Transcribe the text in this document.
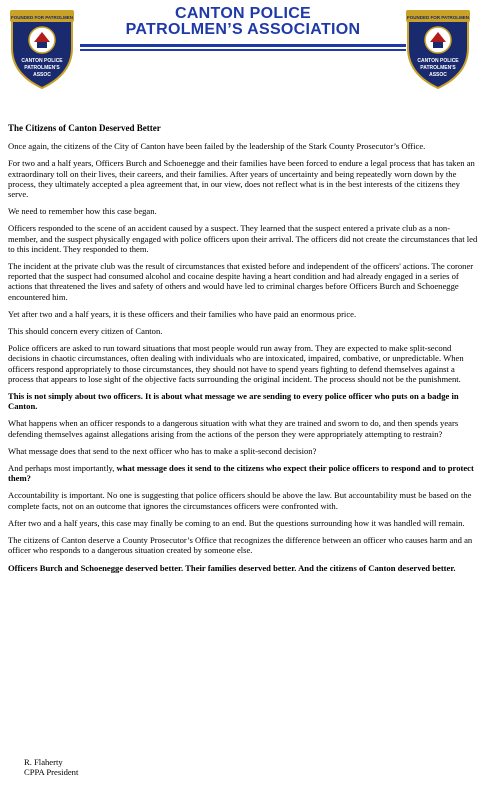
CANTON POLICE
PATROLMEN'S
ASSOC
FOUNDED FOR PATROLMEN	CANTON POLICE
PATROLMEN’S ASSOCIATION
CANTON POLICE
PATROLMEN'S
ASSOC
FOUNDED FOR PATROLMEN

The Citizens of Canton Deserved Better

Once again, the citizens of the City of Canton have been failed by the leadership of the Stark County Prosecutor’s Office.

For two and a half years, Officers Burch and Schoenegge and their families have been forced to endure a legal process that has taken an extraordinary toll on their lives, their careers, and their families. After years of uncertainty and being repeatedly worn down by the process, they ultimately accepted a plea agreement that, in our view, does not reflect what is in the best interests of the citizens they serve.

We need to remember how this case began.

Officers responded to the scene of an accident caused by a suspect. They learned that the suspect entered a private club as a non-member, and the suspect physically engaged with police officers upon their arrival. The officers did not create the circumstances that led to this incident. They responded to them.

The incident at the private club was the result of circumstances that existed before and independent of the officers' actions. The coroner reported that the suspect had consumed alcohol and cocaine despite having a heart condition and had already engaged in a series of actions that threatened the lives and safety of others and would have led to criminal charges before Officers Burch and Schoenegge encountered him.

Yet after two and a half years, it is these officers and their families who have paid an enormous price.

This should concern every citizen of Canton.

Police officers are asked to run toward situations that most people would run away from. They are expected to make split-second decisions in chaotic circumstances, often dealing with individuals who are intoxicated, impaired, combative, or unpredictable. When officers respond appropriately to those circumstances, they should not have to spend years fighting to defend themselves against a process that appears to lose sight of the objective facts surrounding the original incident. The process should not be the punishment.

This is not simply about two officers. It is about what message we are sending to every police officer who puts on a badge in Canton.

What happens when an officer responds to a dangerous situation with what they are trained and sworn to do, and then spends years defending themselves against allegations arising from the actions of the person they were appropriately attempting to restrain?

What message does that send to the next officer who has to make a split-second decision?

And perhaps most importantly, what message does it send to the citizens who expect their police officers to respond and to protect them?

Accountability is important. No one is suggesting that police officers should be above the law. But accountability must be based on the complete facts, not on an outcome that ignores the circumstances officers were confronted with.

After two and a half years, this case may finally be coming to an end. But the questions surrounding how it was handled will remain.

The citizens of Canton deserve a County Prosecutor’s Office that recognizes the difference between an officer who causes harm and an officer who responds to a dangerous situation created by someone else.

Officers Burch and Schoenegge deserved better. Their families deserved better. And the citizens of Canton deserved better.

R. Flaherty
CPPA President
